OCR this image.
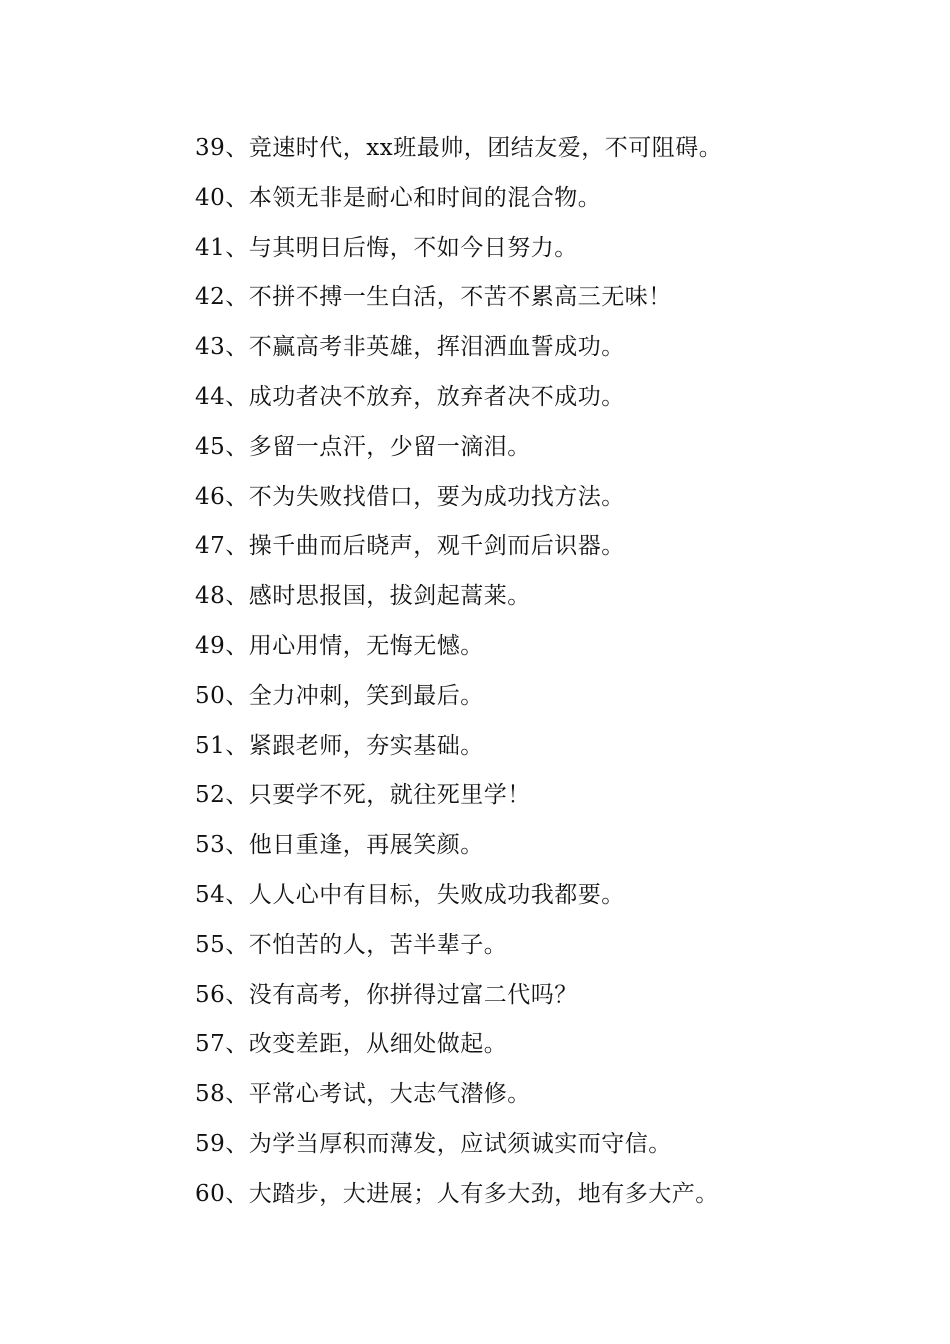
39、竞速时代，xx班最帅，团结友爱，不可阻碍。
40、本领无非是耐心和时间的混合物。
41、与其明日后悔，不如今日努力。
42、不拼不搏一生白活，不苦不累高三无味！
43、不赢高考非英雄，挥泪洒血誓成功。
44、成功者决不放弃，放弃者决不成功。
45、多留一点汗，少留一滴泪。
46、不为失败找借口，要为成功找方法。
47、操千曲而后晓声，观千剑而后识器。
48、感时思报国，拔剑起蒿莱。
49、用心用情，无悔无憾。
50、全力冲刺，笑到最后。
51、紧跟老师，夯实基础。
52、只要学不死，就往死里学！
53、他日重逢，再展笑颜。
54、人人心中有目标，失败成功我都要。
55、不怕苦的人，苦半辈子。
56、没有高考，你拼得过富二代吗？
57、改变差距，从细处做起。
58、平常心考试，大志气潜修。
59、为学当厚积而薄发，应试须诚实而守信。
60、大踏步，大进展；人有多大劲，地有多大产。
